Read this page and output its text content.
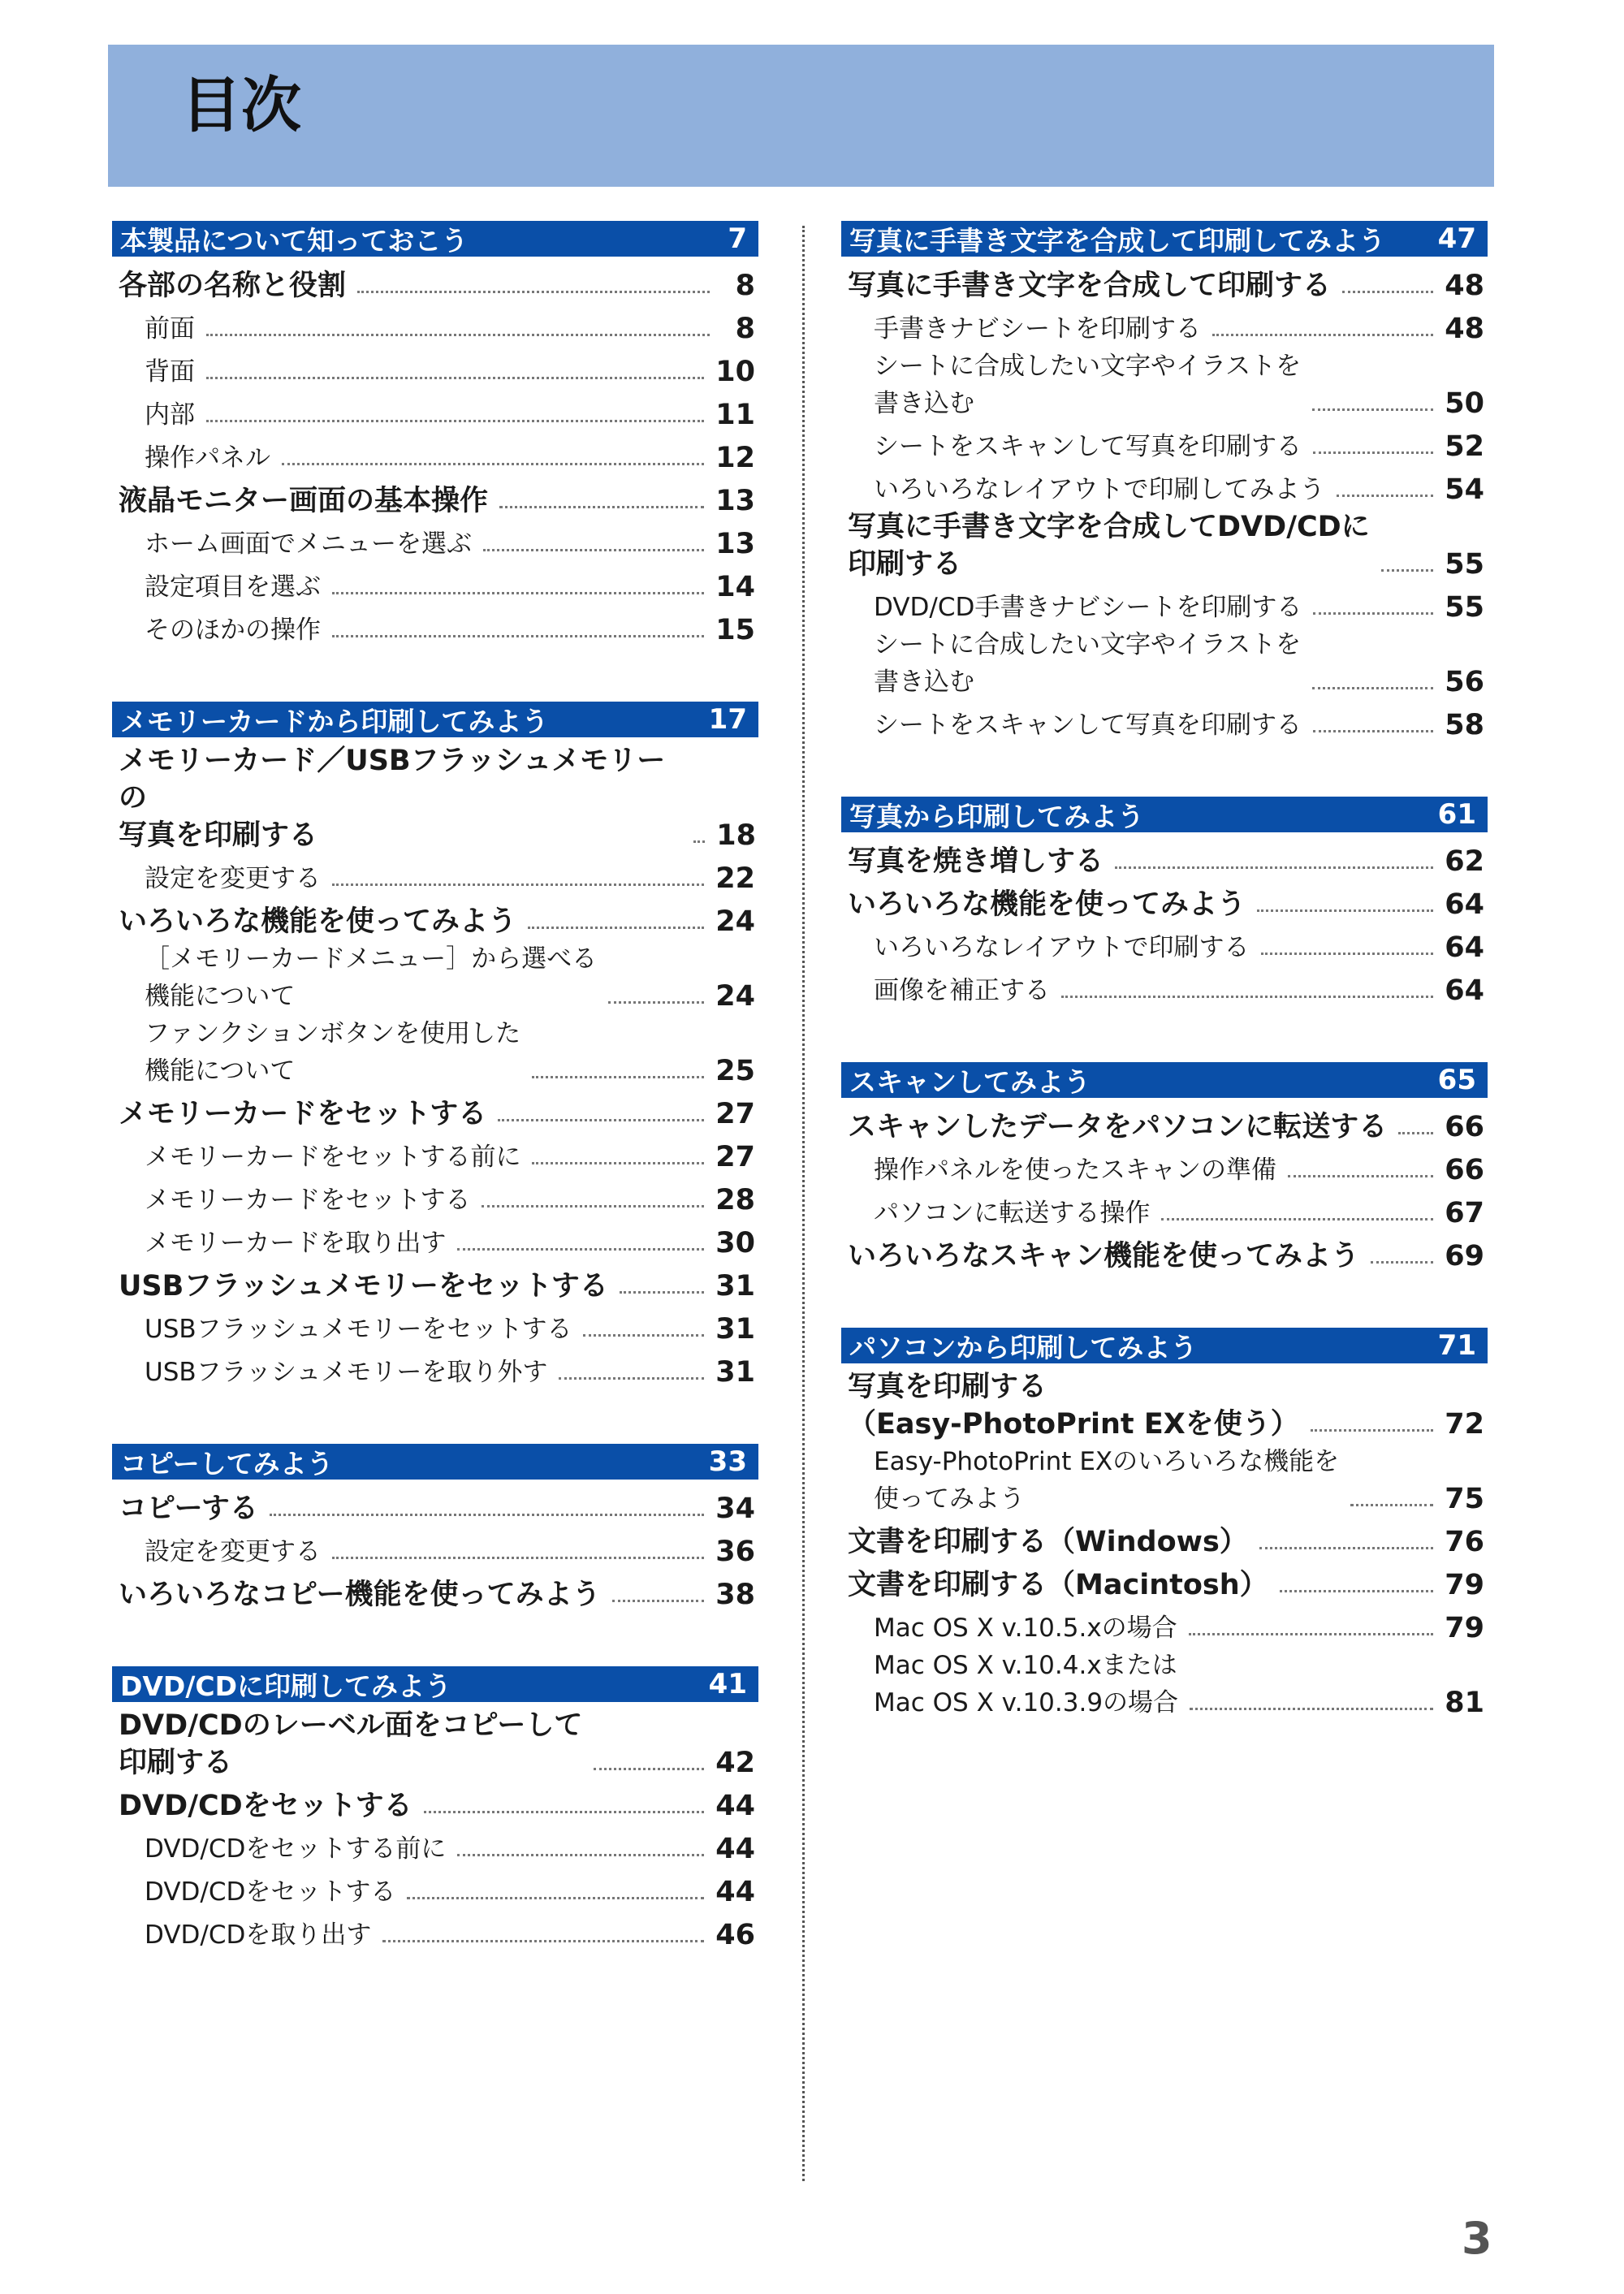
目次
本製品について知っておこう	7
各部の名称と役割	8
前面	8
背面	10
内部	11
操作パネル	12
液晶モニター画面の基本操作	13
ホーム画面でメニューを選ぶ	13
設定項目を選ぶ	14
そのほかの操作	15
メモリーカードから印刷してみよう	17
メモリーカード／USBフラッシュメモリーの
写真を印刷する	18
設定を変更する	22
いろいろな機能を使ってみよう	24
［メモリーカードメニュー］から選べる
機能について	24
ファンクションボタンを使用した
機能について	25
メモリーカードをセットする	27
メモリーカードをセットする前に	27
メモリーカードをセットする	28
メモリーカードを取り出す	30
USBフラッシュメモリーをセットする	31
USBフラッシュメモリーをセットする	31
USBフラッシュメモリーを取り外す	31
コピーしてみよう	33
コピーする	34
設定を変更する	36
いろいろなコピー機能を使ってみよう	38
DVD/CDに印刷してみよう	41
DVD/CDのレーベル面をコピーして
印刷する	42
DVD/CDをセットする	44
DVD/CDをセットする前に	44
DVD/CDをセットする	44
DVD/CDを取り出す	46
写真に手書き文字を合成して印刷してみよう 47
写真に手書き文字を合成して印刷する	48
手書きナビシートを印刷する	48
シートに合成したい文字やイラストを
書き込む	50
シートをスキャンして写真を印刷する	52
いろいろなレイアウトで印刷してみよう	54
写真に手書き文字を合成してDVD/CDに
印刷する	55
DVD/CD手書きナビシートを印刷する	55
シートに合成したい文字やイラストを
書き込む	56
シートをスキャンして写真を印刷する	58
写真から印刷してみよう	61
写真を焼き増しする	62
いろいろな機能を使ってみよう	64
いろいろなレイアウトで印刷する	64
画像を補正する	64
スキャンしてみよう	65
スキャンしたデータをパソコンに転送する 66
操作パネルを使ったスキャンの準備	66
パソコンに転送する操作	67
いろいろなスキャン機能を使ってみよう	69
パソコンから印刷してみよう	71
写真を印刷する
（Easy-PhotoPrint EXを使う）	72
Easy-PhotoPrint EXのいろいろな機能を
使ってみよう	75
文書を印刷する（Windows）	76
文書を印刷する（Macintosh）	79
Mac OS X v.10.5.xの場合	79
Mac OS X v.10.4.xまたは
Mac OS X v.10.3.9の場合	81
3
